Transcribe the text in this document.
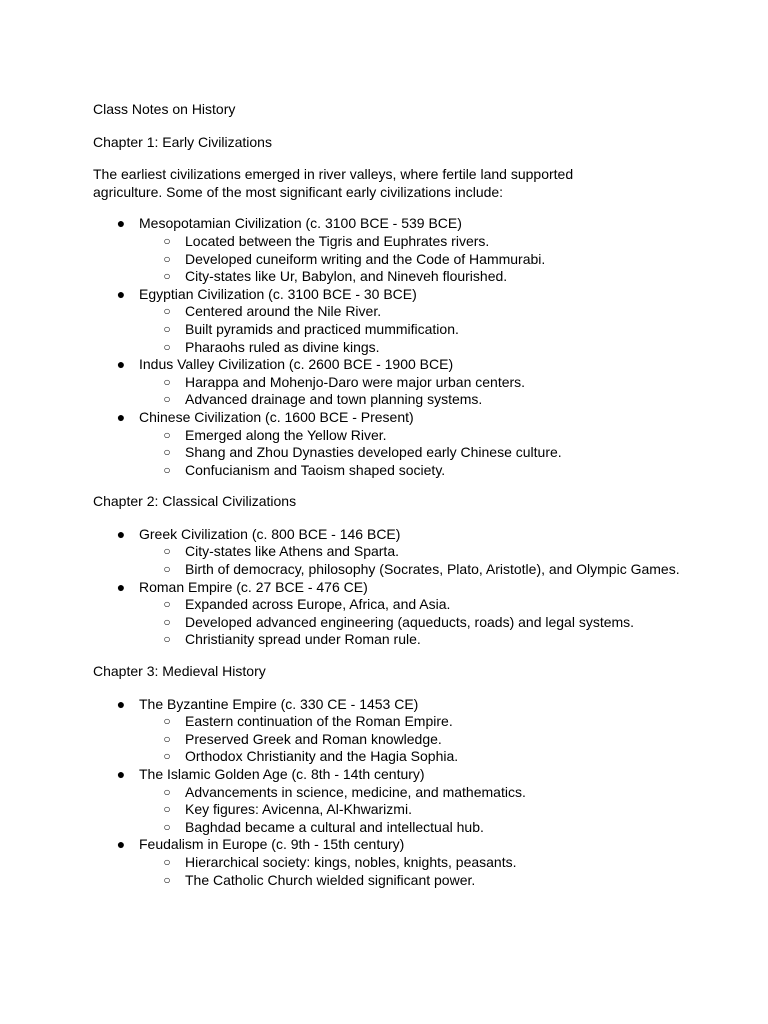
Class Notes on History

Chapter 1: Early Civilizations

The earliest civilizations emerged in river valleys, where fertile land supported
agriculture. Some of the most significant early civilizations include:

● Mesopotamian Civilization (c. 3100 BCE - 539 BCE)
○ Located between the Tigris and Euphrates rivers.
○ Developed cuneiform writing and the Code of Hammurabi.
○ City-states like Ur, Babylon, and Nineveh flourished.
● Egyptian Civilization (c. 3100 BCE - 30 BCE)
○ Centered around the Nile River.
○ Built pyramids and practiced mummification.
○ Pharaohs ruled as divine kings.
● Indus Valley Civilization (c. 2600 BCE - 1900 BCE)
○ Harappa and Mohenjo-Daro were major urban centers.
○ Advanced drainage and town planning systems.
● Chinese Civilization (c. 1600 BCE - Present)
○ Emerged along the Yellow River.
○ Shang and Zhou Dynasties developed early Chinese culture.
○ Confucianism and Taoism shaped society.

Chapter 2: Classical Civilizations

● Greek Civilization (c. 800 BCE - 146 BCE)
○ City-states like Athens and Sparta.
○ Birth of democracy, philosophy (Socrates, Plato, Aristotle), and Olympic Games.
● Roman Empire (c. 27 BCE - 476 CE)
○ Expanded across Europe, Africa, and Asia.
○ Developed advanced engineering (aqueducts, roads) and legal systems.
○ Christianity spread under Roman rule.

Chapter 3: Medieval History

● The Byzantine Empire (c. 330 CE - 1453 CE)
○ Eastern continuation of the Roman Empire.
○ Preserved Greek and Roman knowledge.
○ Orthodox Christianity and the Hagia Sophia.
● The Islamic Golden Age (c. 8th - 14th century)
○ Advancements in science, medicine, and mathematics.
○ Key figures: Avicenna, Al-Khwarizmi.
○ Baghdad became a cultural and intellectual hub.
● Feudalism in Europe (c. 9th - 15th century)
○ Hierarchical society: kings, nobles, knights, peasants.
○ The Catholic Church wielded significant power.
